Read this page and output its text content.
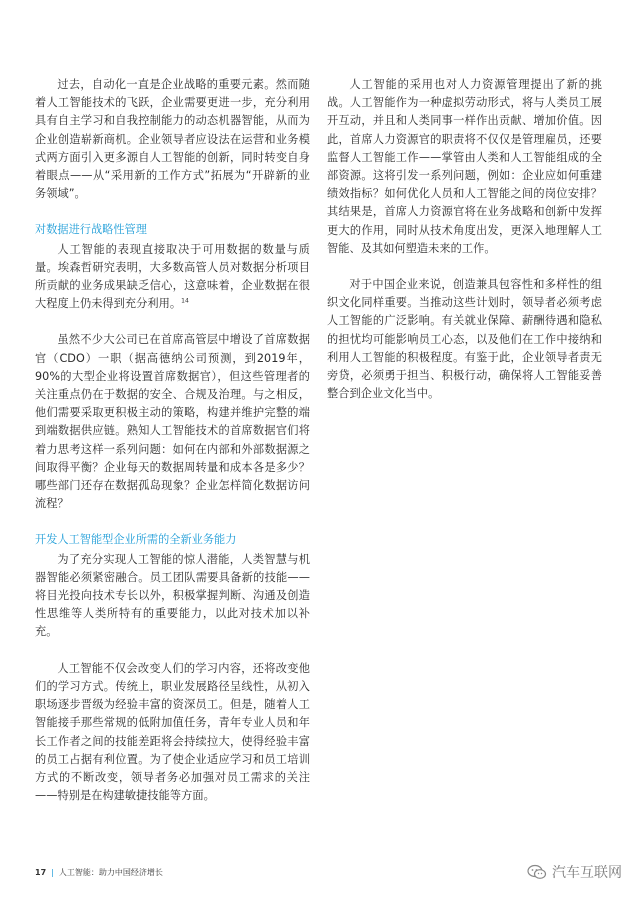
过去，自动化一直是企业战略的重要元素。然而随着人工智能技术的飞跃，企业需要更进一步，充分利用具有自主学习和自我控制能力的动态机器智能，从而为企业创造崭新商机。企业领导者应设法在运营和业务模式两方面引入更多源自人工智能的创新，同时转变自身着眼点——从“采用新的工作方式”拓展为“开辟新的业务领域”。

对数据进行战略性管理

人工智能的表现直接取决于可用数据的数量与质量。埃森哲研究表明，大多数高管人员对数据分析项目所贡献的业务成果缺乏信心，这意味着，企业数据在很大程度上仍未得到充分利用。$^{14}$

虽然不少大公司已在首席高管层中增设了首席数据官（CDO）一职（据高德纳公司预测，到2019年，90%的大型企业将设置首席数据官），但这些管理者的关注重点仍在于数据的安全、合规及治理。与之相反，他们需要采取更积极主动的策略，构建并维护完整的端到端数据供应链。熟知人工智能技术的首席数据官们将着力思考这样一系列问题：如何在内部和外部数据源之间取得平衡？企业每天的数据周转量和成本各是多少？哪些部门还存在数据孤岛现象？企业怎样简化数据访问流程？

开发人工智能型企业所需的全新业务能力

为了充分实现人工智能的惊人潜能，人类智慧与机器智能必须紧密融合。员工团队需要具备新的技能——将目光投向技术专长以外，积极掌握判断、沟通及创造性思维等人类所特有的重要能力，以此对技术加以补充。

人工智能不仅会改变人们的学习内容，还将改变他们的学习方式。传统上，职业发展路径呈线性，从初入职场逐步晋级为经验丰富的资深员工。但是，随着人工智能接手那些常规的低附加值任务，青年专业人员和年长工作者之间的技能差距将会持续拉大，使得经验丰富的员工占据有利位置。为了使企业适应学习和员工培训方式的不断改变，领导者务必加强对员工需求的关注——特别是在构建敏捷技能等方面。

人工智能的采用也对人力资源管理提出了新的挑战。人工智能作为一种虚拟劳动形式，将与人类员工展开互动，并且和人类同事一样作出贡献、增加价值。因此，首席人力资源官的职责将不仅仅是管理雇员，还要监督人工智能工作——掌管由人类和人工智能组成的全部资源。这将引发一系列问题，例如：企业应如何重建绩效指标？如何优化人员和人工智能之间的岗位安排？其结果是，首席人力资源官将在业务战略和创新中发挥更大的作用，同时从技术角度出发，更深入地理解人工智能、及其如何塑造未来的工作。

对于中国企业来说，创造兼具包容性和多样性的组织文化同样重要。当推动这些计划时，领导者必须考虑人工智能的广泛影响。有关就业保障、薪酬待遇和隐私的担忧均可能影响员工心态，以及他们在工作中接纳和利用人工智能的积极程度。有鉴于此，企业领导者责无旁贷，必须勇于担当、积极行动，确保将人工智能妥善整合到企业文化当中。

17 | 人工智能：助力中国经济增长	汽车互联网
